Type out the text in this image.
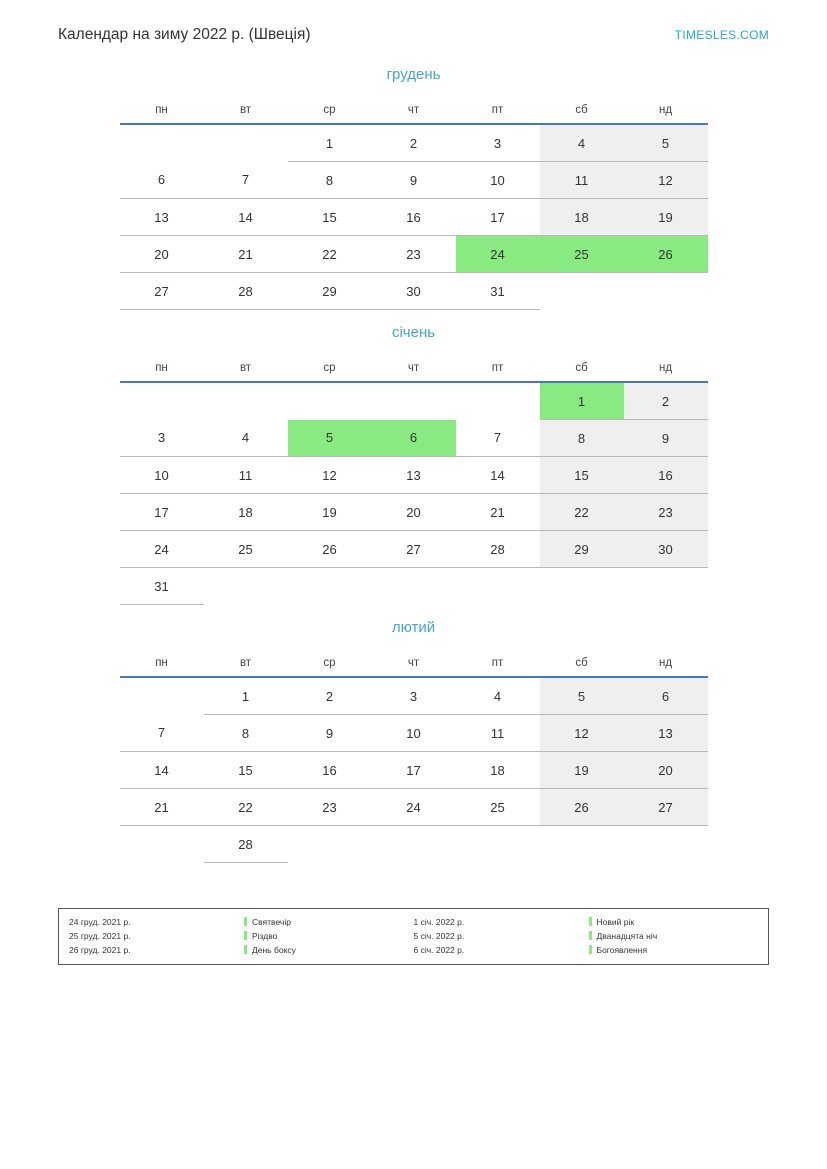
Календар на зиму 2022 р. (Швеція)	TIMESLES.COM
грудень
пн	вт	ср	чт	пт	сб	нд
		1	2	3	4	5
6	7	8	9	10	11	12
13	14	15	16	17	18	19
20	21	22	23	24	25	26
27	28	29	30	31		
січень
пн	вт	ср	чт	пт	сб	нд
					1	2
3	4	5	6	7	8	9
10	11	12	13	14	15	16
17	18	19	20	21	22	23
24	25	26	27	28	29	30
31						
лютий
пн	вт	ср	чт	пт	сб	нд
	1	2	3	4	5	6
7	8	9	10	11	12	13
14	15	16	17	18	19	20
21	22	23	24	25	26	27
	28					
24 груд. 2021 р.	Святвечір	1 січ. 2022 р.	Новий рік
25 груд. 2021 р.	Різдво	5 січ. 2022 р.	Дванадцята ніч
26 груд. 2021 р.	День боксу	6 січ. 2022 р.	Богоявлення
